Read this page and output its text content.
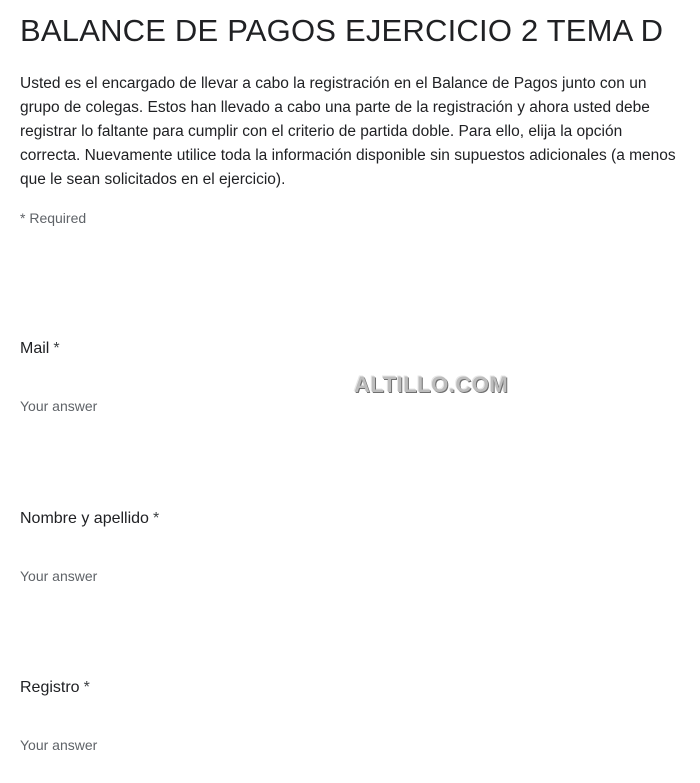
BALANCE DE PAGOS EJERCICIO 2 TEMA D
Usted es el encargado de llevar a cabo la registración en el Balance de Pagos junto con un grupo de colegas. Estos han llevado a cabo una parte de la registración y ahora usted debe registrar lo faltante para cumplir con el criterio de partida doble. Para ello, elija la opción correcta. Nuevamente utilice toda la información disponible sin supuestos adicionales (a menos que le sean solicitados en el ejercicio).
* Required
ALTILLO.COM
Mail *
Your answer
Nombre y apellido *
Your answer
Registro *
Your answer
